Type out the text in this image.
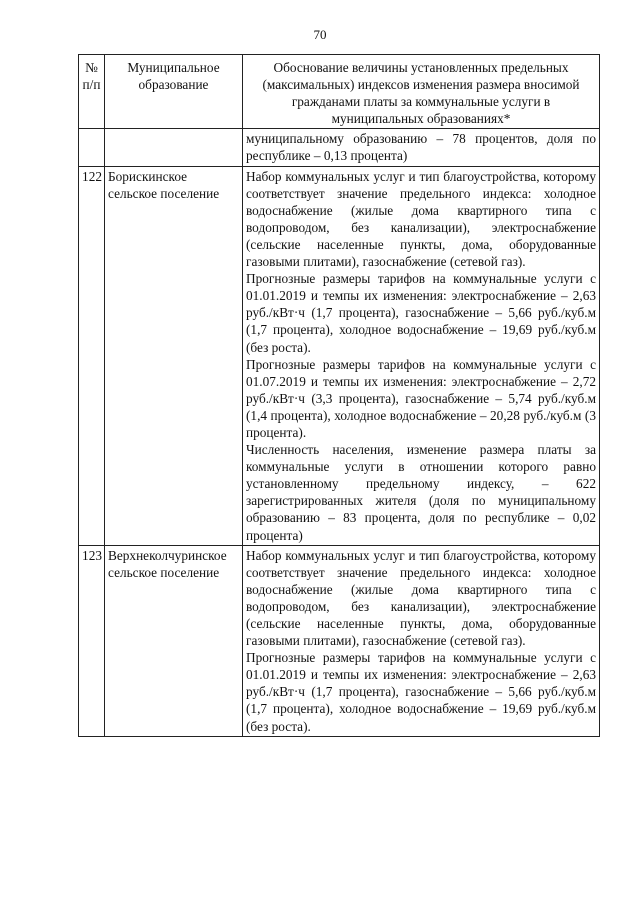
70
№ п/п	Муниципальное образование	Обоснование величины установленных предельных (максимальных) индексов изменения размера вносимой гражданами платы за коммунальные услуги в муниципальных образованиях*

		муниципальному образованию – 78 процентов, доля по республике – 0,13 процента)

122	Борискинское сельское поселение	Набор коммунальных услуг и тип благоустройства, которому соответствует значение предельного индекса: холодное водоснабжение (жилые дома квартирного типа с водопроводом, без канализации), электроснабжение (сельские населенные пункты, дома, оборудованные газовыми плитами), газоснабжение (сетевой газ).
Прогнозные размеры тарифов на коммунальные услуги с 01.01.2019 и темпы их изменения: электроснабжение – 2,63 руб./кВт·ч (1,7 процента), газоснабжение – 5,66 руб./куб.м (1,7 процента), холодное водоснабжение – 19,69 руб./куб.м (без роста).
Прогнозные размеры тарифов на коммунальные услуги с 01.07.2019 и темпы их изменения: электроснабжение – 2,72 руб./кВт·ч (3,3 процента), газоснабжение – 5,74 руб./куб.м (1,4 процента), холодное водоснабжение – 20,28 руб./куб.м (3 процента).
Численность населения, изменение размера платы за коммунальные услуги в отношении которого равно установленному предельному индексу, – 622 зарегистрированных жителя (доля по муниципальному образованию – 83 процента, доля по республике – 0,02 процента)

123	Верхнеколчуринское сельское поселение	Набор коммунальных услуг и тип благоустройства, которому соответствует значение предельного индекса: холодное водоснабжение (жилые дома квартирного типа с водопроводом, без канализации), электроснабжение (сельские населенные пункты, дома, оборудованные газовыми плитами), газоснабжение (сетевой газ).
Прогнозные размеры тарифов на коммунальные услуги с 01.01.2019 и темпы их изменения: электроснабжение – 2,63 руб./кВт·ч (1,7 процента), газоснабжение – 5,66 руб./куб.м (1,7 процента), холодное водоснабжение – 19,69 руб./куб.м (без роста).
